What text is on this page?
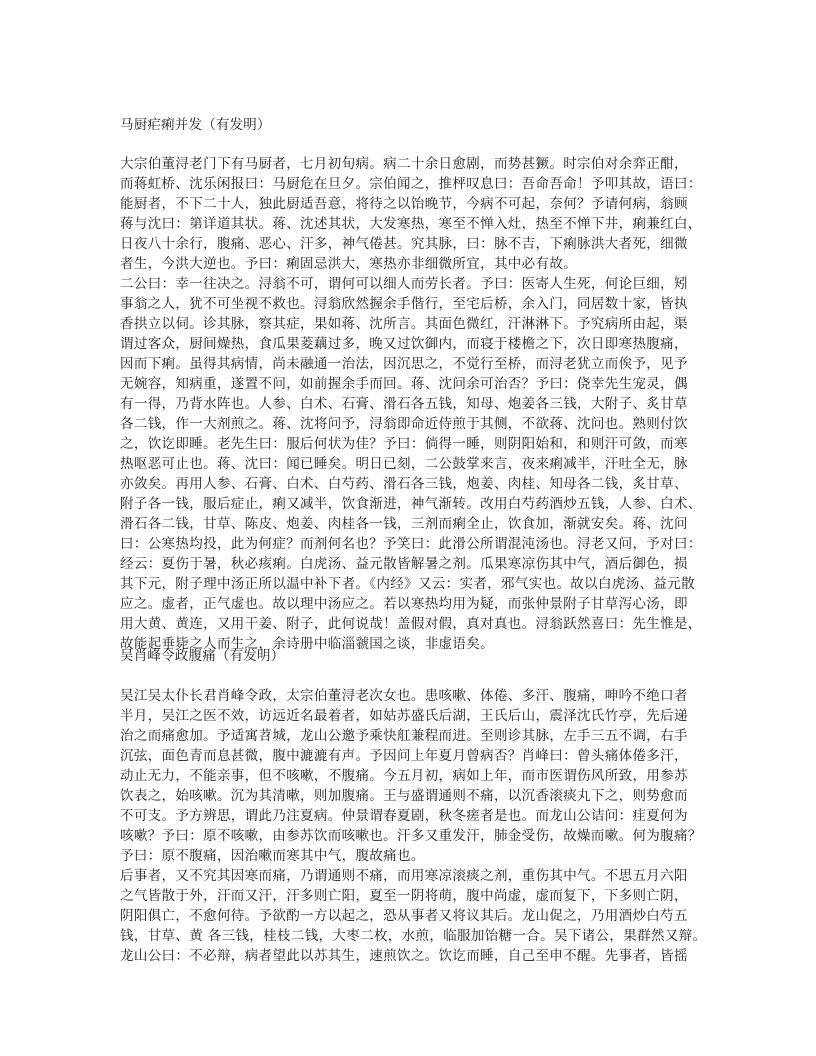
马厨疟痢并发（有发明）

大宗伯董浔老门下有马厨者，七月初旬病。病二十余日愈剧，而势甚獗。时宗伯对余弈正酣，
而蒋虹桥、沈乐闲报曰：马厨危在旦夕。宗伯闻之，推枰叹息曰：吾命吾命！予叩其故，语曰：
能厨者，不下二十人，独此厨适吾意，将待之以饴晚节，今病不可起，奈何？予请何病，翁顾
蒋与沈曰：第详道其状。蒋、沈述其状，大发寒热，寒至不惮入灶，热至不惮下井，痢兼红白，
日夜八十余行，腹痛、恶心、汗多，神气倦甚。究其脉，曰：脉不吉，下痢脉洪大者死，细微
者生，今洪大逆也。予曰：痢固忌洪大，寒热亦非细微所宜，其中必有故。

二公曰：幸一往决之。浔翁不可，谓何可以细人而劳长者。予曰：医寄人生死，何论巨细，矧
事翁之人，犹不可坐视不救也。浔翁欣然握余手偕行，至宅后桥，余入门，同居数十家，皆执
香拱立以伺。诊其脉，察其症，果如蒋、沈所言。其面色微红，汗淋淋下。予究病所由起，渠
谓过客众，厨间燥热，食瓜果菱藕过多，晚又过饮御内，而寝于楼檐之下，次日即寒热腹痛，
因而下痢。虽得其病情，尚未融通一治法，因沉思之，不觉行至桥，而浔老犹立而俟予，见予
无婉容，知病重，遂置不问，如前握余手而回。蒋、沈问余可治否？予曰：侥幸先生宠灵，偶
有一得，乃背水阵也。人参、白术、石膏、滑石各五钱，知母、炮姜各三钱，大附子、炙甘草
各二钱，作一大剂煎之。蒋、沈将问予，浔翁即命近侍煎于其侧，不欲蒋、沈问也。熟则付饮
之，饮讫即睡。老先生曰：服后何状为佳？予曰：倘得一睡，则阴阳始和，和则汗可敛，而寒
热呕恶可止也。蒋、沈曰：闻已睡矣。明日已刻，二公鼓掌来言，夜来痢减半，汗吐全无，脉
亦敛矣。再用人参、石膏、白术、白芍药、滑石各三钱，炮姜、肉桂、知母各二钱，炙甘草、
附子各一钱，服后症止，痢又减半，饮食渐进，神气渐转。改用白芍药酒炒五钱，人参、白术、
滑石各二钱，甘草、陈皮、炮姜、肉桂各一钱，三剂而痢全止，饮食加，渐就安矣。蒋、沈问
曰：公寒热均投，此为何症？而剂何名也？予笑曰：此滑公所谓混沌汤也。浔老又问，予对曰：
经云：夏伤于暑，秋必痎痢。白虎汤、益元散皆解暑之剂。瓜果寒凉伤其中气，酒后御色，损
其下元，附子理中汤正所以温中补下者。《内经》又云：实者，邪气实也。故以白虎汤、益元散
应之。虚者，正气虚也。故以理中汤应之。若以寒热均用为疑，而张仲景附子甘草泻心汤，即
用大黄、黄连，又用干姜、附子，此何说哉！盖假对假，真对真也。浔翁跃然喜曰：先生惟是，
故能起垂毙之人而生之，余诗册中临淄虢国之谈，非虚语矣。

吴肖峰令政腹痛（有发明）

吴江吴太仆长君肖峰令政，太宗伯董浔老次女也。患咳嗽、体倦、多汗、腹痛，呻吟不绝口者
半月，吴江之医不效，访远近名最着者，如姑苏盛氏后湖，王氏后山，震泽沈氏竹亭，先后递
治之而痛愈加。予适寓苕城，龙山公邀予乘快舡兼程而进。至则诊其脉，左手三五不调，右手
沉弦，面色青而息甚微，腹中漉漉有声。予因问上年夏月曾病否？肖峰曰：曾头痛体倦多汗，
动止无力，不能亲事，但不咳嗽，不腹痛。今五月初，病如上年，而市医谓伤风所致，用参苏
饮表之，始咳嗽。沉为其清嗽，则加腹痛。王与盛谓通则不痛，以沉香滚痰丸下之，则势愈而
不可支。予方辨思，谓此乃注夏病。仲景谓春夏剧，秋冬瘥者是也。而龙山公诘问：疰夏何为
咳嗽？予曰：原不咳嗽，由参苏饮而咳嗽也。汗多又重发汗，肺金受伤，故燥而嗽。何为腹痛？
予曰：原不腹痛，因治嗽而寒其中气，腹故痛也。

后事者，又不究其因寒而痛，乃谓通则不痛，而用寒凉滚痰之剂，重伤其中气。不思五月六阳
之气皆散于外，汗而又汗，汗多则亡阳，夏至一阴将萌，腹中尚虚，虚而复下，下多则亡阴，
阴阳俱亡，不愈何待。予欲酌一方以起之，恐从事者又将议其后。龙山促之，乃用酒炒白芍五
钱，甘草、黄 各三钱，桂枝二钱，大枣二枚，水煎，临服加饴糖一合。吴下诸公，果群然又辩。

龙山公曰：不必辩，病者望此以苏其生，速煎饮之。饮讫而睡，自己至申不醒。先事者，皆摇
